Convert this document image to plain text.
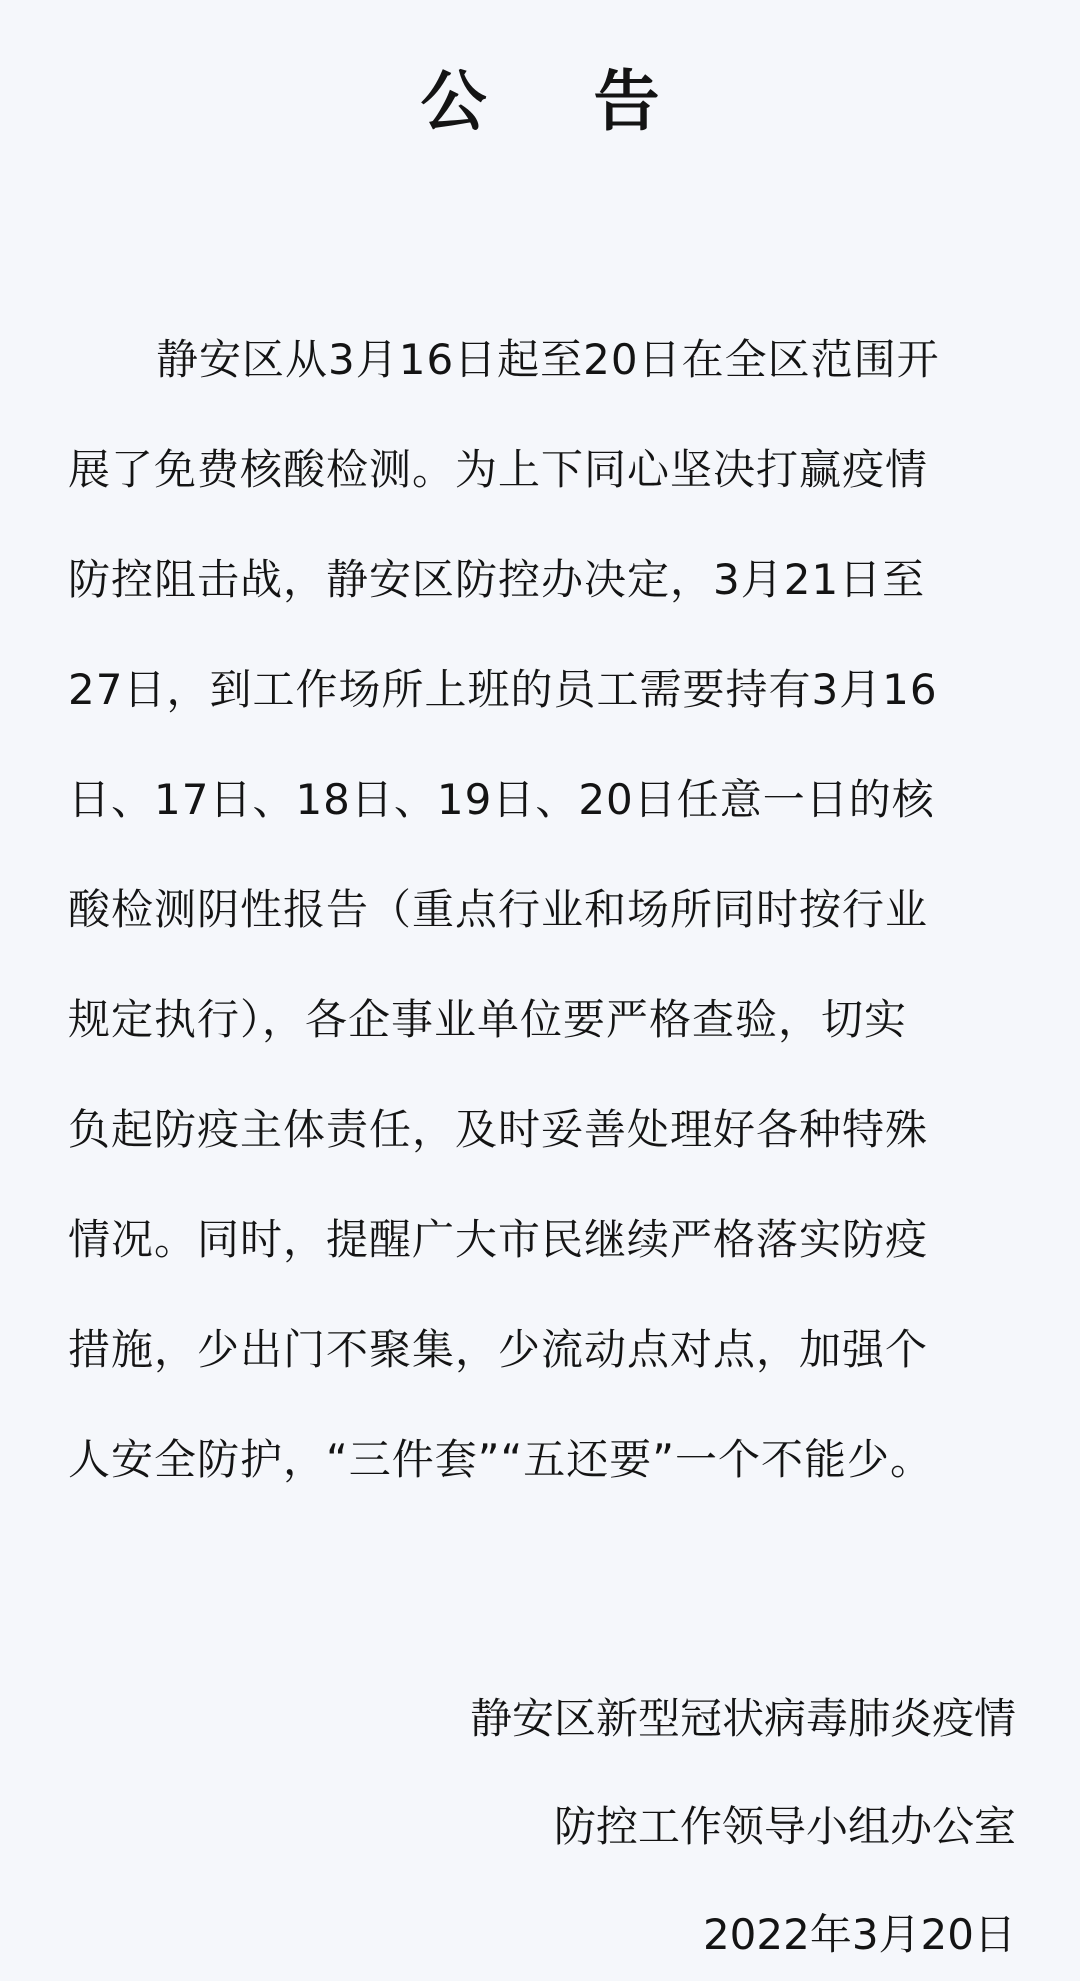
公 告
静安区从3月16日起至20日在全区范围开
展了免费核酸检测。为上下同心坚决打赢疫情
防控阻击战，静安区防控办决定，3月21日至
27日，到工作场所上班的员工需要持有3月16
日、17日、18日、19日、20日任意一日的核
酸检测阴性报告（重点行业和场所同时按行业
规定执行），各企事业单位要严格查验，切实
负起防疫主体责任，及时妥善处理好各种特殊
情况。同时，提醒广大市民继续严格落实防疫
措施，少出门不聚集，少流动点对点，加强个
人安全防护，“三件套”“五还要”一个不能少。
静安区新型冠状病毒肺炎疫情
防控工作领导小组办公室
2022年3月20日
